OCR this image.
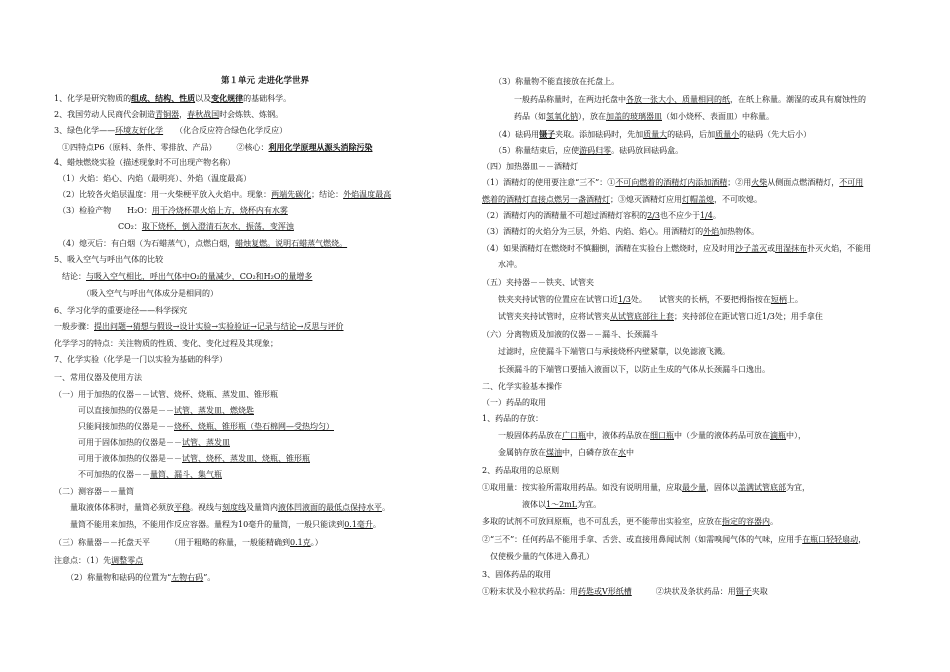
第１单元 走进化学世界
1、化学是研究物质的组成、结构、性质以及变化规律的基础科学。
2、我国劳动人民商代会制造青铜器，春秋战国时会炼铁、炼钢。
3、绿色化学——环境友好化学　　（化合反应符合绿色化学反应）
　①四特点P6（原料、条件、零排放、产品）　　　②核心：利用化学原理从源头消除污染
4、蜡烛燃烧实验（描述现象时不可出现产物名称）
　（1）火焰：焰心、内焰（最明亮）、外焰（温度最高）
　（2）比较各火焰层温度：用一火柴梗平放入火焰中。现象：两端先碳化；结论：外焰温度最高
　（3）检验产物　　H₂O：用干冷烧杯罩火焰上方，烧杯内有水雾
　　　　　　　　CO₂：取下烧杯，倒入澄清石灰水，振荡，变浑浊
　（4）熄灭后：有白烟（为石蜡蒸气），点燃白烟，蜡烛复燃。说明石蜡蒸气燃烧。
5、吸入空气与呼出气体的比较
　结论：与吸入空气相比，呼出气体中O₂的量减少，CO₂和H₂O的量增多
　　　　（吸入空气与呼出气体成分是相同的）
6、学习化学的重要途径——科学探究
一般步骤：提出问题→猜想与假设→设计实验→实验验证→记录与结论→反思与评价
化学学习的特点：关注物质的性质、变化、变化过程及其现象；
7、化学实验（化学是一门以实验为基础的科学）
一、常用仪器及使用方法
（一）用于加热的仪器－－试管、烧杯、烧瓶、蒸发皿、锥形瓶
　　　可以直接加热的仪器是－－试管、蒸发皿、燃烧匙
　　　只能间接加热的仪器是－－烧杯、烧瓶、锥形瓶（垫石棉网—受热均匀）
　　　可用于固体加热的仪器是－－试管、蒸发皿
　　　可用于液体加热的仪器是－－试管、烧杯、蒸发皿、烧瓶、锥形瓶
　　　不可加热的仪器－－量筒、漏斗、集气瓶
（二）测容器－－量筒
　　量取液体体积时，量筒必须放平稳。视线与刻度线及量筒内液体凹液面的最低点保持水平。
　　量筒不能用来加热，不能用作反应容器。量程为10毫升的量筒，一般只能读到0.1毫升。
（三）称量器－－托盘天平　　　（用于粗略的称量，一般能精确到0.1克。）
注意点：（1）先调整零点
　　（2）称量物和砝码的位置为“左物右码”。
　　（3）称量物不能直接放在托盘上。
　　　　一般药品称量时，在两边托盘中各放一张大小、质量相同的纸，在纸上称量。潮湿的或具有腐蚀性的
　　　　药品（如氢氧化钠），放在加盖的玻璃器皿（如小烧杯、表面皿）中称量。
　　（4）砝码用镊子夹取。添加砝码时，先加质量大的砝码，后加质量小的砝码（先大后小）
　　（5）称量结束后，应使游码归零。砝码放回砝码盒。
（四）加热器皿－－酒精灯
（1）酒精灯的使用要注意“三不”：①不可向燃着的酒精灯内添加酒精；②用火柴从侧面点燃酒精灯，不可用
燃着的酒精灯直接点燃另一盏酒精灯；③熄灭酒精灯应用灯帽盖熄，不可吹熄。
（2）酒精灯内的酒精量不可超过酒精灯容积的2/3也不应少于1/4。
（3）酒精灯的火焰分为三层，外焰、内焰、焰心。用酒精灯的外焰加热物体。
（4）如果酒精灯在燃烧时不慎翻倒，酒精在实验台上燃烧时，应及时用沙子盖灭或用湿抹布扑灭火焰，不能用
　　水冲。
（五）夹持器－－铁夹、试管夹
　　铁夹夹持试管的位置应在试管口近1/3处。　　试管夹的长柄，不要把拇指按在短柄上。
　　试管夹夹持试管时，应将试管夹从试管底部往上套；夹持部位在距试管口近1/3处；用手拿住
（六）分离物质及加液的仪器－－漏斗、长颈漏斗
　　过滤时，应使漏斗下端管口与承接烧杯内壁紧靠，以免滤液飞溅。
　　长颈漏斗的下端管口要插入液面以下，以防止生成的气体从长颈漏斗口逸出。
二、化学实验基本操作
（一）药品的取用
1、药品的存放：
　　一般固体药品放在广口瓶中，液体药品放在细口瓶中（少量的液体药品可放在滴瓶中），
　　金属钠存放在煤油中，白磷存放在水中
2、药品取用的总原则
①取用量：按实验所需取用药品。如没有说明用量，应取最少量，固体以盖满试管底部为宜，
　　　　　液体以1～2mL为宜。
多取的试剂不可放回原瓶，也不可乱丢，更不能带出实验室，应放在指定的容器内。
②“三不”：任何药品不能用手拿、舌尝、或直接用鼻闻试剂（如需嗅闻气体的气味，应用手在瓶口轻轻扇动，
　仅使极少量的气体进入鼻孔）
3、固体药品的取用
①粉末状及小粒状药品：用药匙或V形纸槽　　　②块状及条状药品：用镊子夹取
